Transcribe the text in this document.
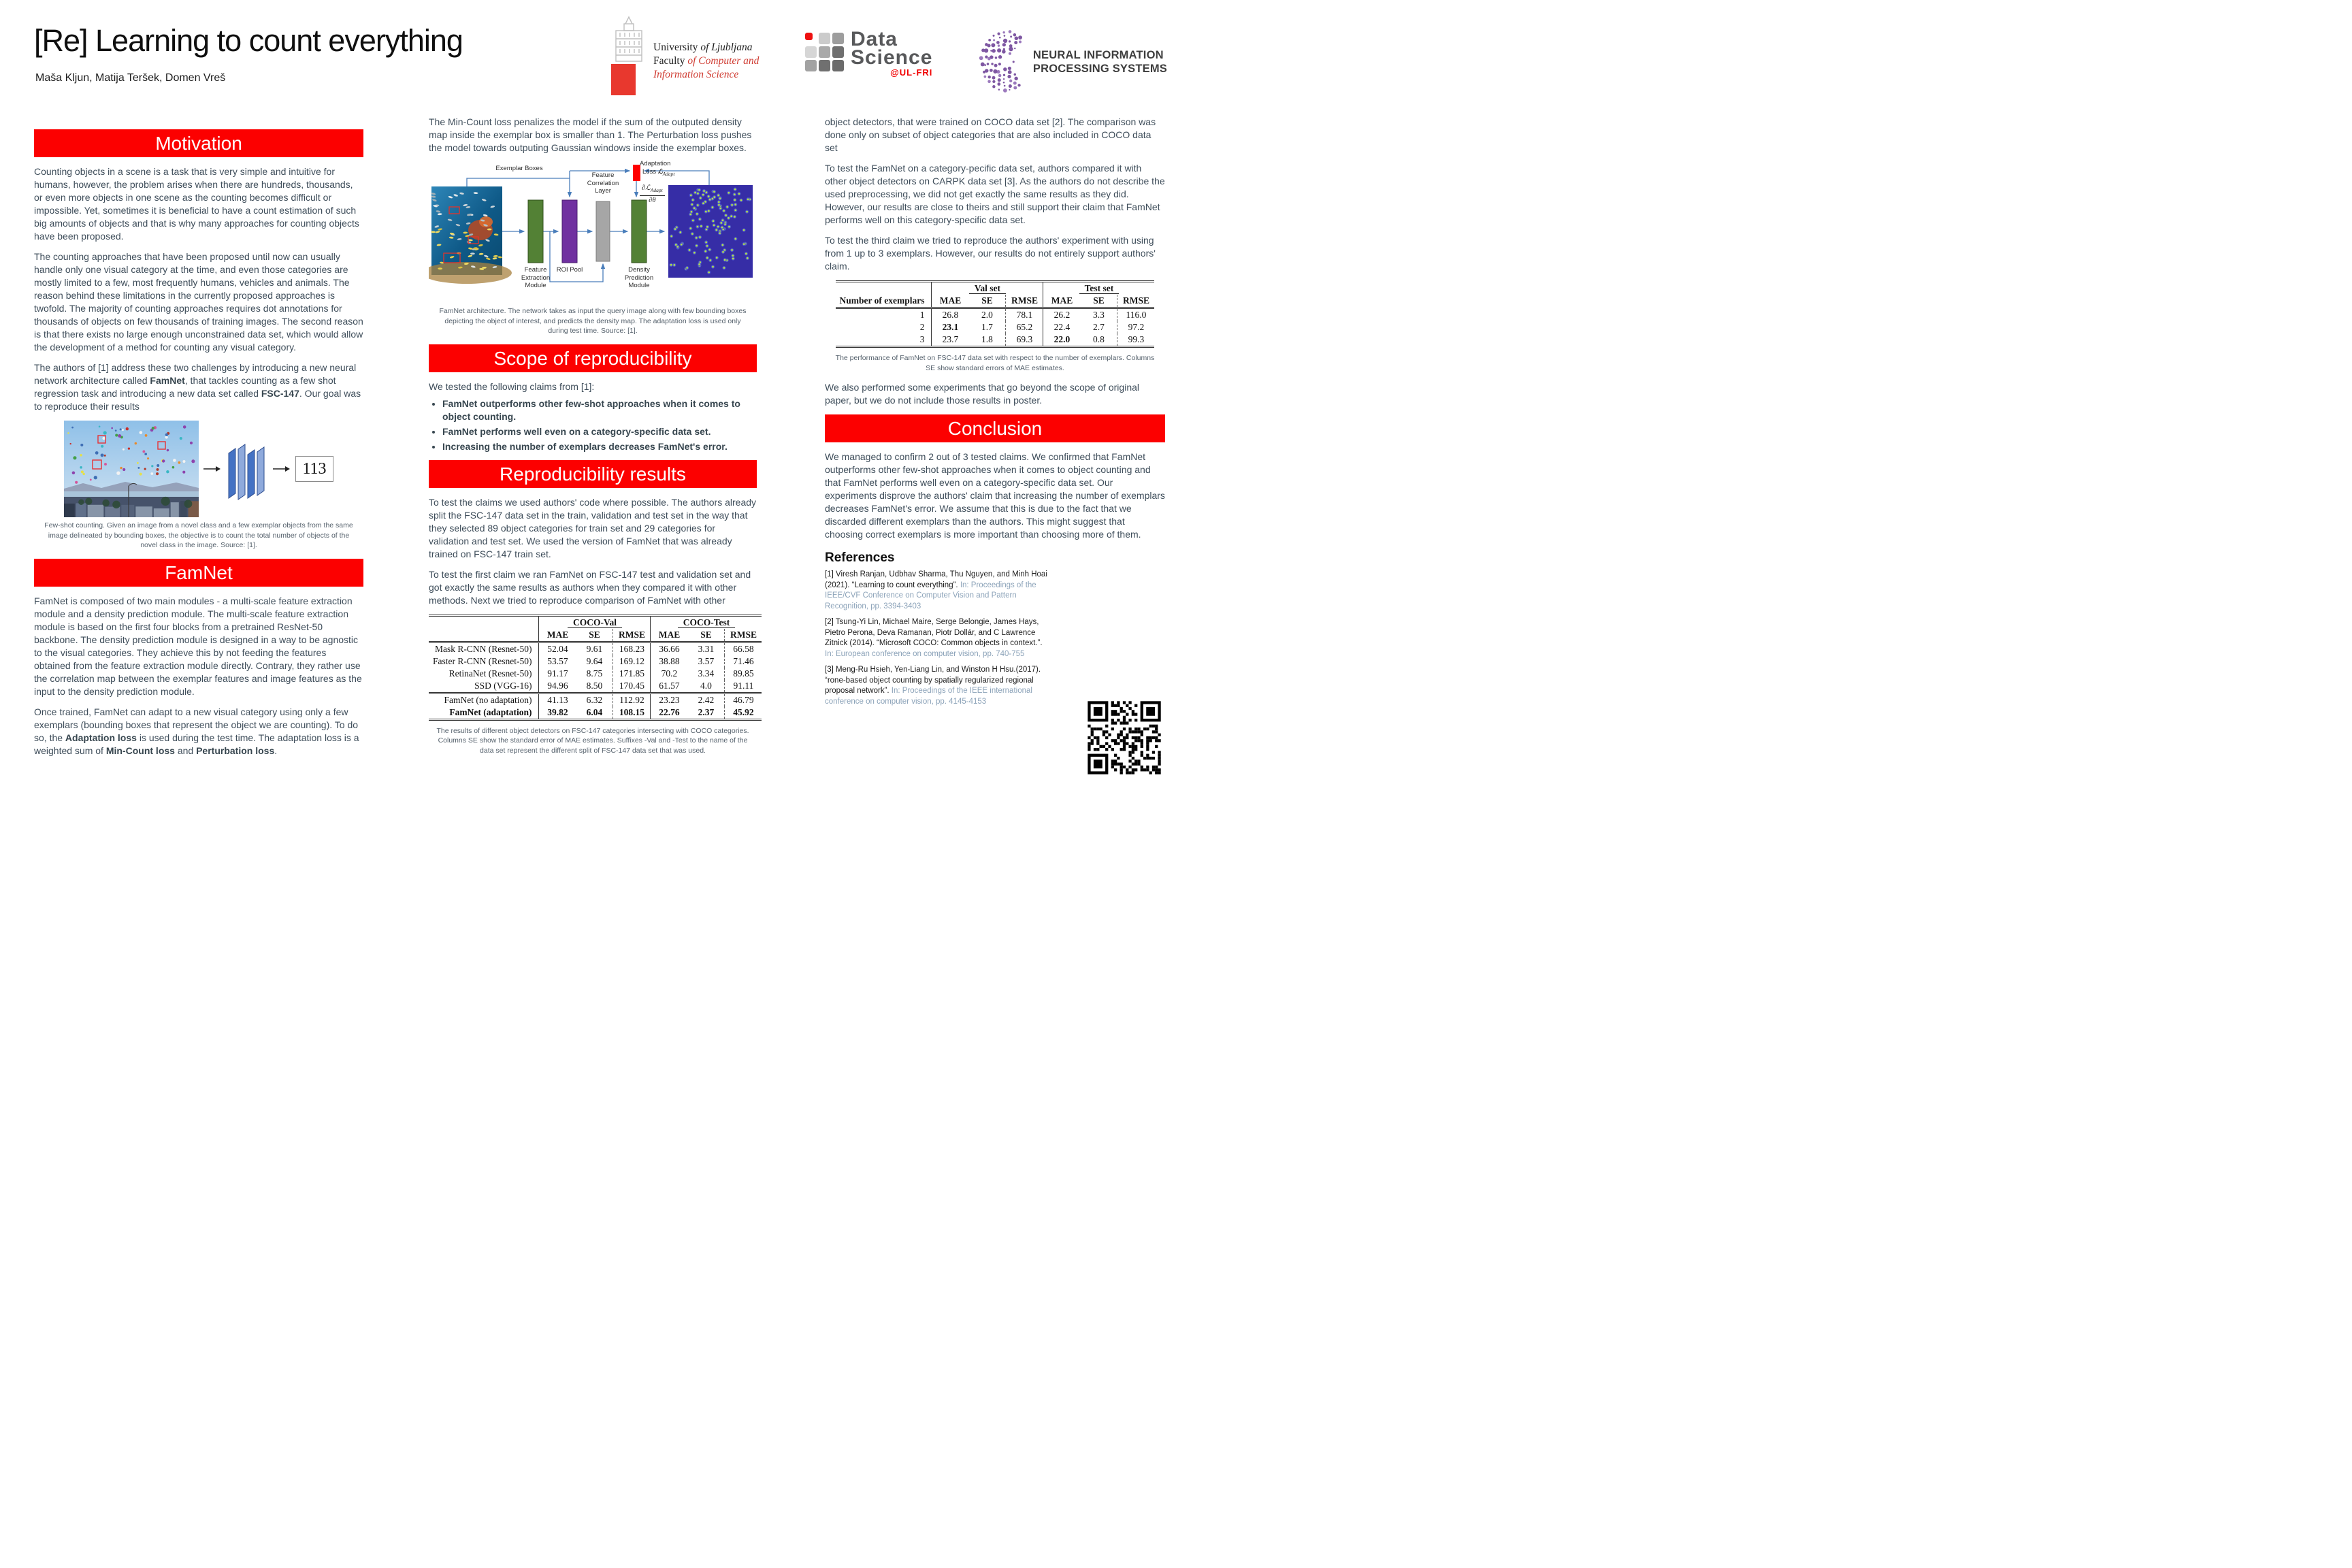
[Re] Learning to count everything
Maša Kljun, Matija Teršek, Domen Vreš
University of Ljubljana
Faculty of Computer and
Information Science
Data
Science
@UL-FRI
NEURAL INFORMATION
PROCESSING SYSTEMS
Motivation

Counting objects in a scene is a task that is very simple and intuitive for humans, however, the problem arises when there are hundreds, thousands, or even more objects in one scene as the counting becomes difficult or impossible. Yet, sometimes it is beneficial to have a count estimation of such big amounts of objects and that is why many approaches for counting objects have been proposed.

The counting approaches that have been proposed until now can usually handle only one visual category at the time, and even those categories are mostly limited to a few, most frequently humans, vehicles and animals. The reason behind these limitations in the currently proposed approaches is twofold. The majority of counting approaches requires dot annotations for thousands of objects on few thousands of training images. The second reason is that there exists no large enough unconstrained data set, which would allow the development of a method for counting any visual category.

The authors of [1] address these two challenges by introducing a new neural network architecture called FamNet, that tackles counting as a few shot regression task and introducing a new data set called FSC-147. Our goal was to reproduce their results

113
Few-shot counting. Given an image from a novel class and a few exemplar objects from the same image delineated by bounding boxes, the objective is to count the total number of objects of the novel class in the image. Source: [1].
FamNet

FamNet is composed of two main modules - a multi-scale feature extraction module and a density prediction module. The multi-scale feature extraction module is based on the first four blocks from a pretrained ResNet-50 backbone. The density prediction module is designed in a way to be agnostic to the visual categories. They achieve this by not feeding the features obtained from the feature extraction module directly. Contrary, they rather use the correlation map between the exemplar features and image features as the input to the density prediction module.

Once trained, FamNet can adapt to a new visual category using only a few exemplars (bounding boxes that represent the object we are counting). To do so, the Adaptation loss is used during the test time. The adaptation loss is a weighted sum of Min-Count loss and Perturbation loss.

The Min-Count loss penalizes the model if the sum of the outputed density map inside the exemplar box is smaller than 1. The Perturbation loss pushes the model towards outputing Gaussian windows inside the exemplar boxes.

Exemplar Boxes
Adaptation
Loss ℒ$_{Adapt}$
∂ℒ$_{Adapt}$
∂θ
Feature
Correlation
Layer
Feature
Extraction
Module
ROI Pool	Density
Prediction
Module
FamNet architecture. The network takes as input the query image along with few bounding boxes depicting the object of interest, and predicts the density map. The adaptation loss is used only during test time. Source: [1].
Scope of reproducibility

We tested the following claims from [1]:

• FamNet outperforms other few-shot approaches when it comes to object counting.
• FamNet performs well even on a category-specific data set.
• Increasing the number of exemplars decreases FamNet's error.
Reproducibility results

To test the claims we used authors' code where possible. The authors already split the FSC-147 data set in the train, validation and test set in the way that they selected 89 object categories for train set and 29 categories for validation and test set. We used the version of FamNet that was already trained on FSC-147 train set.

To test the first claim we ran FamNet on FSC-147 test and validation set and got exactly the same results as authors when they compared it with other methods. Next we tried to reproduce comparison of FamNet with other

	COCO-Val			COCO-Test		
	MAE	SE	RMSE	MAE	SE	RMSE
Mask R-CNN (Resnet-50)	52.04	9.61	168.23	36.66	3.31	66.58
Faster R-CNN (Resnet-50)	53.57	9.64	169.12	38.88	3.57	71.46
RetinaNet (Resnet-50)	91.17	8.75	171.85	70.2	3.34	89.85
SSD (VGG-16)	94.96	8.50	170.45	61.57	4.0	91.11
FamNet (no adaptation)	41.13	6.32	112.92	23.23	2.42	46.79
FamNet (adaptation)	39.82	6.04	108.15	22.76	2.37	45.92
The results of different object detectors on FSC-147 categories intersecting with COCO categories. Columns SE show the standard error of MAE estimates. Suffixes -Val and -Test to the name of the data set represent the different split of FSC-147 data set that was used.

object detectors, that were trained on COCO data set [2]. The comparison was done only on subset of object categories that are also included in COCO data set

To test the FamNet on a category-pecific data set, authors compared it with other object detectors on CARPK data set [3]. As the authors do not describe the used preprocessing, we did not get exactly the same results as they did. However, our results are close to theirs and still support their claim that FamNet performs well on this category-specific data set.

To test the third claim we tried to reproduce the authors' experiment with using from 1 up to 3 exemplars. However, our results do not entirely support authors' claim.

	Val set			Test set		
Number of exemplars	MAE	SE	RMSE	MAE	SE	RMSE
1	26.8	2.0	78.1	26.2	3.3	116.0
2	23.1	1.7	65.2	22.4	2.7	97.2
3	23.7	1.8	69.3	22.0	0.8	99.3
The performance of FamNet on FSC-147 data set with respect to the number of exemplars. Columns SE show standard errors of MAE estimates.

We also performed some experiments that go beyond the scope of original paper, but we do not include those results in poster.

Conclusion

We managed to confirm 2 out of 3 tested claims. We confirmed that FamNet outperforms other few-shot approaches when it comes to object counting and that FamNet performs well even on a category-specific data set. Our experiments disprove the authors' claim that increasing the number of exemplars decreases FamNet's error. We assume that this is due to the fact that we discarded different exemplars than the authors. This might suggest that choosing correct exemplars is more important than choosing more of them.

References

[1] Viresh Ranjan, Udbhav Sharma, Thu Nguyen, and Minh Hoai (2021). “Learning to count everything”. In: Proceedings of the IEEE/CVF Conference on Computer Vision and Pattern Recognition, pp. 3394-3403

[2] Tsung-Yi Lin, Michael Maire, Serge Belongie, James Hays, Pietro Perona, Deva Ramanan, Piotr Dollár, and C Lawrence Zitnick (2014). “Microsoft COCO: Common objects in context.”. In: European conference on computer vision, pp. 740-755

[3] Meng-Ru Hsieh, Yen-Liang Lin, and Winston H Hsu.(2017). “rone-based object counting by spatially regularized regional proposal network”. In: Proceedings of the IEEE international conference on computer vision, pp. 4145-4153
